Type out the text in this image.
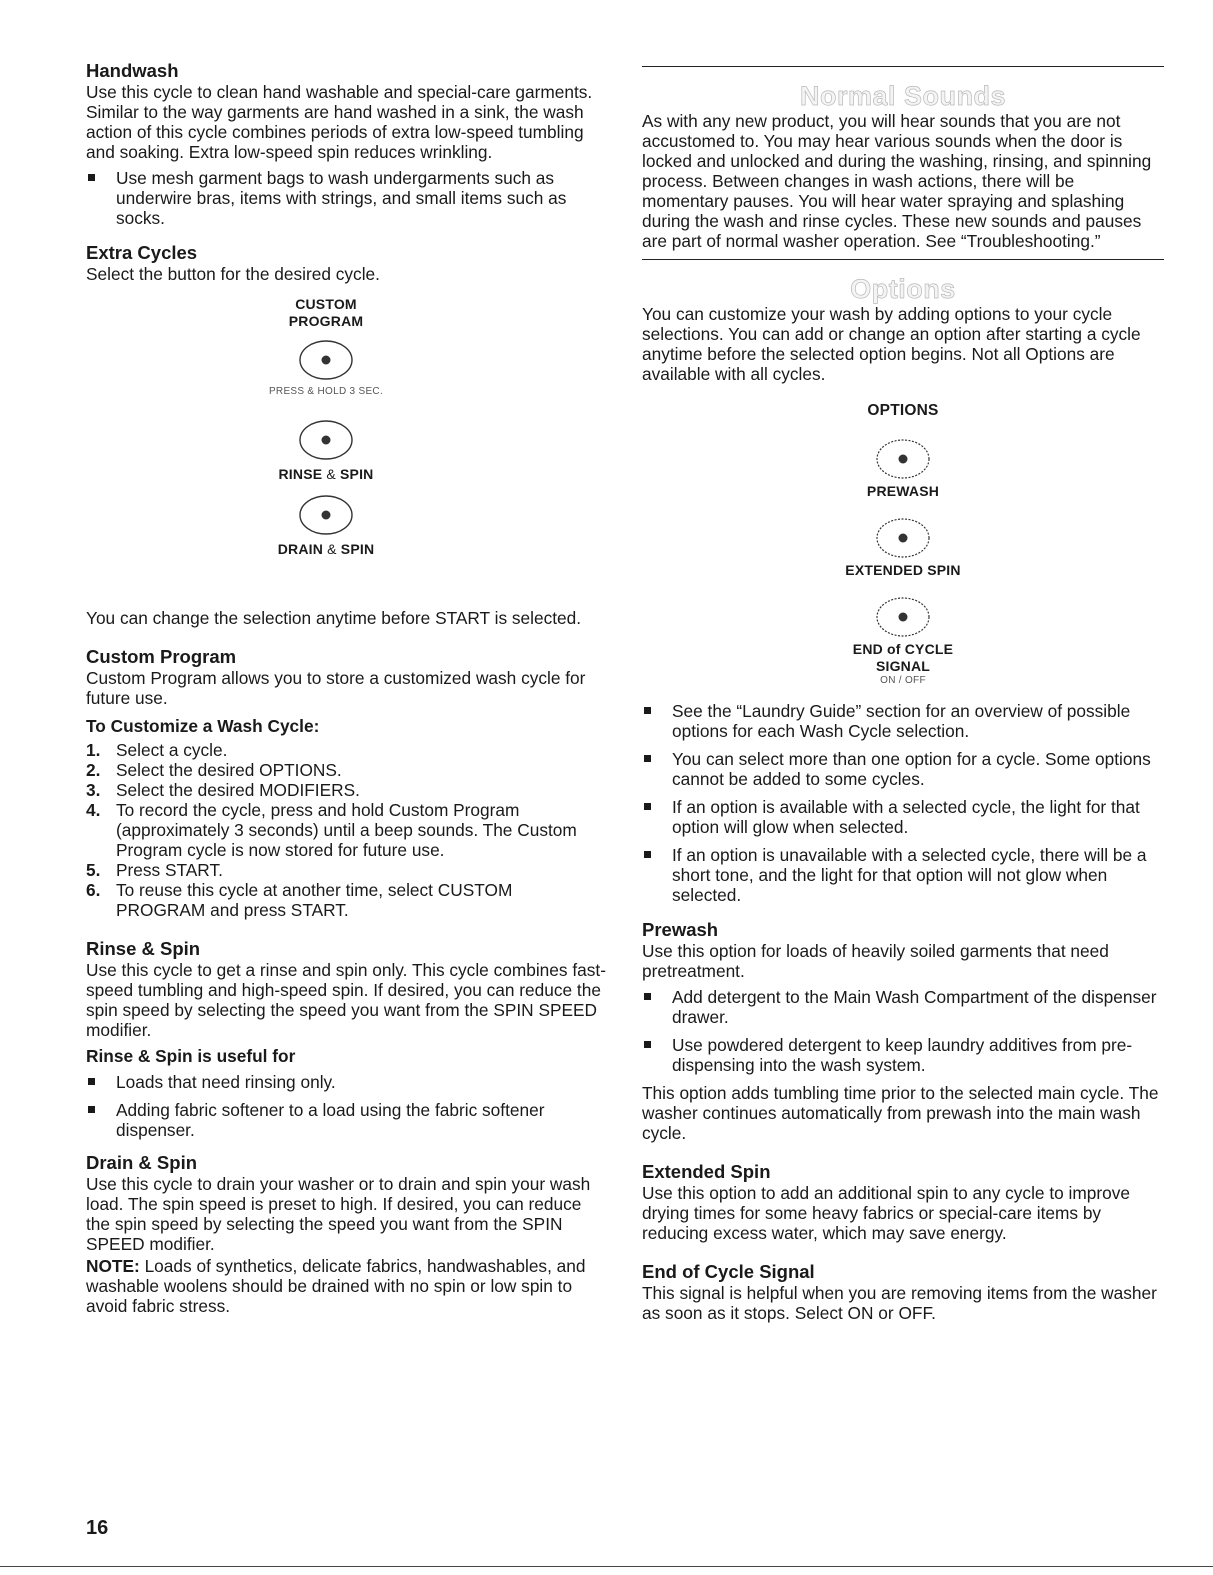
Handwash

Use this cycle to clean hand washable and special-care garments. Similar to the way garments are hand washed in a sink, the wash action of this cycle combines periods of extra low-speed tumbling and soaking. Extra low-speed spin reduces wrinkling.

Use mesh garment bags to wash undergarments such as underwire bras, items with strings, and small items such as socks.
Extra Cycles

Select the button for the desired cycle.

CUSTOM
PROGRAM
PRESS & HOLD 3 SEC.
RINSE & SPIN
DRAIN & SPIN

You can change the selection anytime before START is selected.

Custom Program

Custom Program allows you to store a customized wash cycle for future use.

To Customize a Wash Cycle:
1. Select a cycle.
2. Select the desired OPTIONS.
3. Select the desired MODIFIERS.
4. To record the cycle, press and hold Custom Program (approximately 3 seconds) until a beep sounds. The Custom Program cycle is now stored for future use.
5. Press START.
6. To reuse this cycle at another time, select CUSTOM PROGRAM and press START.
Rinse & Spin

Use this cycle to get a rinse and spin only. This cycle combines fast-speed tumbling and high-speed spin. If desired, you can reduce the spin speed by selecting the speed you want from the SPIN SPEED modifier.

Rinse & Spin is useful for
Loads that need rinsing only.
Adding fabric softener to a load using the fabric softener dispenser.
Drain & Spin

Use this cycle to drain your washer or to drain and spin your wash load. The spin speed is preset to high. If desired, you can reduce the spin speed by selecting the speed you want from the SPIN SPEED modifier.

NOTE: Loads of synthetics, delicate fabrics, handwashables, and washable woolens should be drained with no spin or low spin to avoid fabric stress.

Normal Sounds

As with any new product, you will hear sounds that you are not accustomed to. You may hear various sounds when the door is locked and unlocked and during the washing, rinsing, and spinning process. Between changes in wash actions, there will be momentary pauses. You will hear water spraying and splashing during the wash and rinse cycles. These new sounds and pauses are part of normal washer operation. See “Troubleshooting.”

Options

You can customize your wash by adding options to your cycle selections. You can add or change an option after starting a cycle anytime before the selected option begins. Not all Options are available with all cycles.

OPTIONS
PREWASH
EXTENDED SPIN
END of CYCLE
SIGNAL
ON / OFF
See the “Laundry Guide” section for an overview of possible options for each Wash Cycle selection.
You can select more than one option for a cycle. Some options cannot be added to some cycles.
If an option is available with a selected cycle, the light for that option will glow when selected.
If an option is unavailable with a selected cycle, there will be a short tone, and the light for that option will not glow when selected.
Prewash

Use this option for loads of heavily soiled garments that need pretreatment.

Add detergent to the Main Wash Compartment of the dispenser drawer.
Use powdered detergent to keep laundry additives from pre-dispensing into the wash system.

This option adds tumbling time prior to the selected main cycle. The washer continues automatically from prewash into the main wash cycle.

Extended Spin

Use this option to add an additional spin to any cycle to improve drying times for some heavy fabrics or special-care items by reducing excess water, which may save energy.

End of Cycle Signal

This signal is helpful when you are removing items from the washer as soon as it stops. Select ON or OFF.

16
